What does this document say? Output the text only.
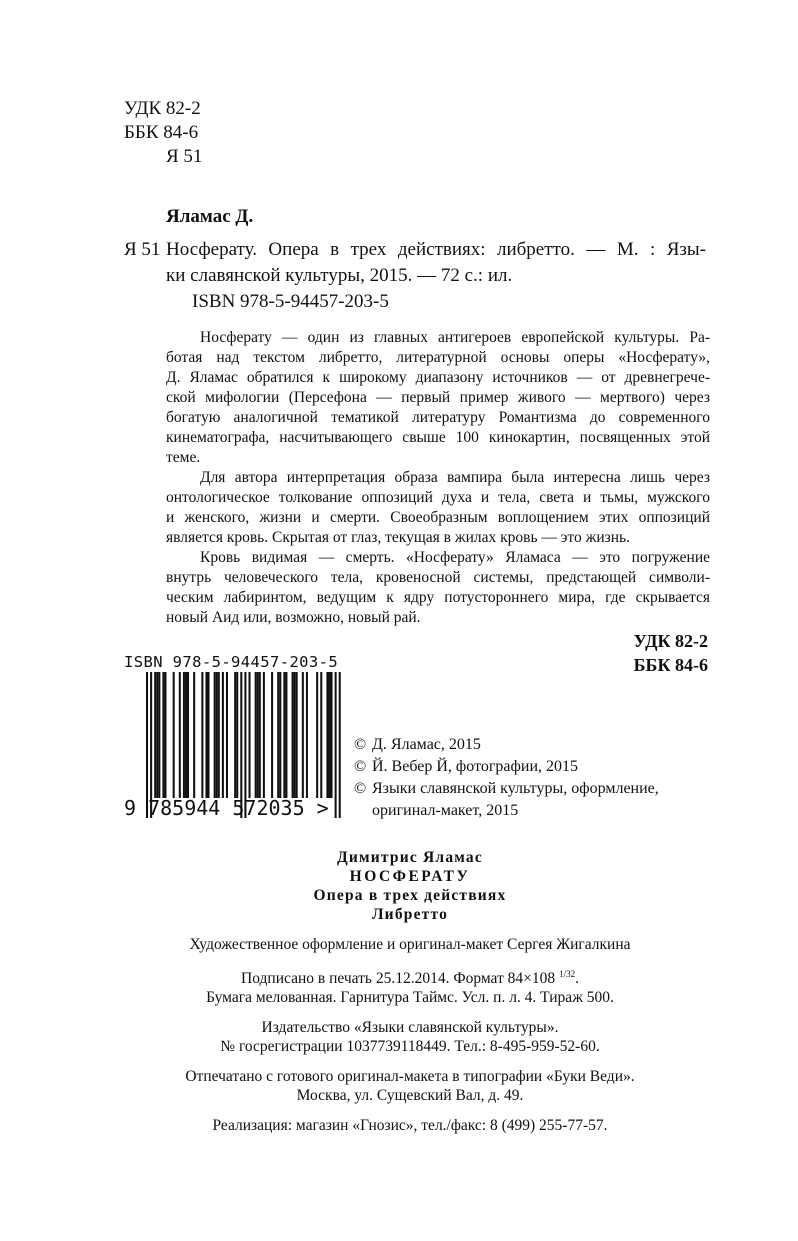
УДК 82-2
ББК 84-6
Я 51
Яламас Д.
Я 51 Носферату. Опера в трех действиях: либретто. — М. : Язы-
ки славянской культуры, 2015. — 72 с.: ил.
ISBN 978-5-94457-203-5
Носферату — один из главных антигероев европейской культуры. Ра-
ботая над текстом либретто, литературной основы оперы «Носферату»,
Д. Яламас обратился к широкому диапазону источников — от древнегрече-
ской мифологии (Персефона — первый пример живого — мертвого) через
богатую аналогичной тематикой литературу Романтизма до современного
кинематографа, насчитывающего свыше 100 кинокартин, посвященных этой
теме.
Для автора интерпретация образа вампира была интересна лишь через
онтологическое толкование оппозиций духа и тела, света и тьмы, мужского
и женского, жизни и смерти. Своеобразным воплощением этих оппозиций
является кровь. Скрытая от глаз, текущая в жилах кровь — это жизнь.
Кровь видимая — смерть. «Носферату» Яламаса — это погружение
внутрь человеческого тела, кровеносной системы, предстающей символи-
ческим лабиринтом, ведущим к ядру потустороннего мира, где скрывается
новый Аид или, возможно, новый рай.
УДК 82-2
ББК 84-6
ISBN 978-5-94457-203-5
9 785944 572035 >
© Д. Яламас, 2015
© Й. Вебер Й, фотографии, 2015
© Языки славянской культуры, оформление,
оригинал-макет, 2015
Димитрис Яламас
НОСФЕРАТУ
Опера в трех действиях
Либретто
Художественное оформление и оригинал-макет Сергея Жигалкина
Подписано в печать 25.12.2014. Формат 84×108 $^{1/32}$.
Бумага мелованная. Гарнитура Таймс. Усл. п. л. 4. Тираж 500.
Издательство «Языки славянской культуры».
№ госрегистрации 1037739118449. Тел.: 8-495-959-52-60.
Отпечатано с готового оригинал-макета в типографии «Буки Веди».
Москва, ул. Сущевский Вал, д. 49.
Реализация: магазин «Гнозис», тел./факс: 8 (499) 255-77-57.
